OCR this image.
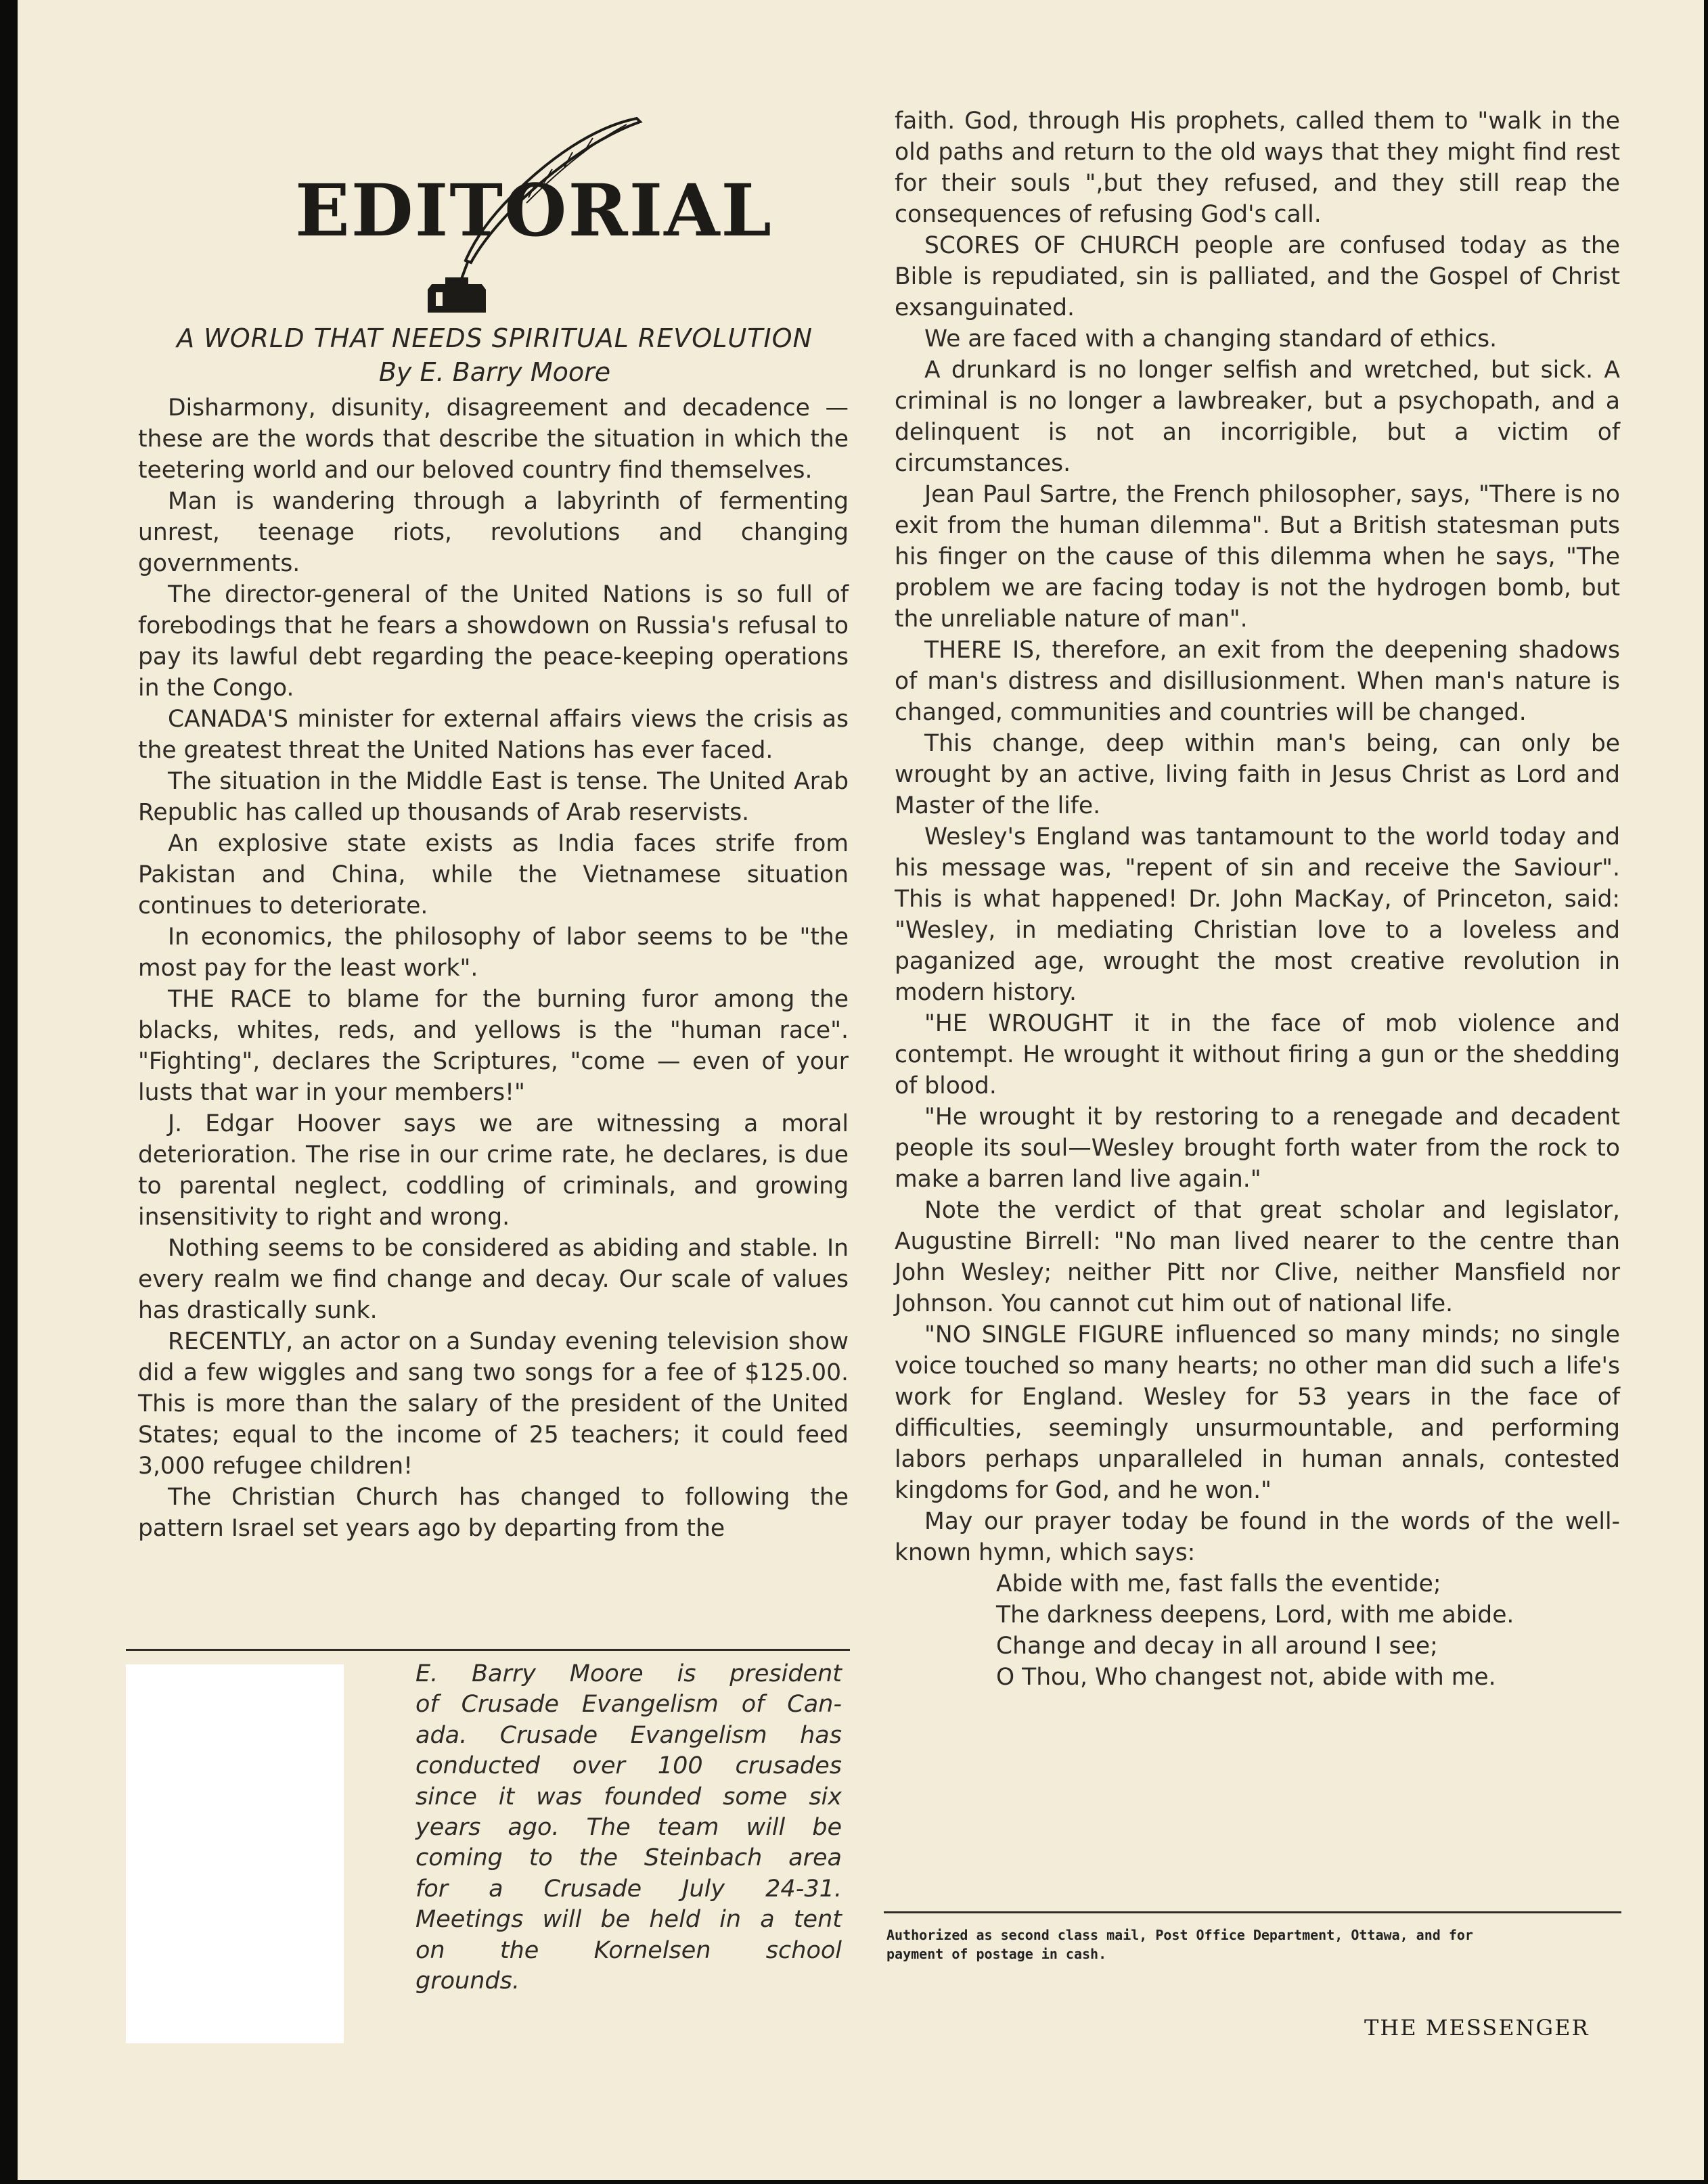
EDITORIAL
A WORLD THAT NEEDS SPIRITUAL REVOLUTION
By E. Barry Moore

Disharmony, disunity, disagreement and decadence —these are the words that describe the situation in which the teetering world and our beloved country find themselves.

Man is wandering through a labyrinth of fermenting unrest, teenage riots, revolutions and changing governments.

The director-general of the United Nations is so full of forebodings that he fears a showdown on Russia's refusal to pay its lawful debt regarding the peace-keeping operations in the Congo.

CANADA'S minister for external affairs views the crisis as the greatest threat the United Nations has ever faced.

The situation in the Middle East is tense. The United Arab Republic has called up thousands of Arab reservists.

An explosive state exists as India faces strife from Pakistan and China, while the Vietnamese situation continues to deteriorate.

In economics, the philosophy of labor seems to be "the most pay for the least work".

THE RACE to blame for the burning furor among the blacks, whites, reds, and yellows is the "human race". "Fighting", declares the Scriptures, "come — even of your lusts that war in your members!"

J. Edgar Hoover says we are witnessing a moral deterioration. The rise in our crime rate, he declares, is due to parental neglect, coddling of criminals, and growing insensitivity to right and wrong.

Nothing seems to be considered as abiding and stable. In every realm we find change and decay. Our scale of values has drastically sunk.

RECENTLY, an actor on a Sunday evening television show did a few wiggles and sang two songs for a fee of $125.00. This is more than the salary of the president of the United States; equal to the income of 25 teachers; it could feed 3,000 refugee children!

The Christian Church has changed to following the pattern Israel set years ago by departing from the

E. Barry Moore is president
of Crusade Evangelism of Can-
ada. Crusade Evangelism has
conducted over 100 crusades
since it was founded some six
years ago. The team will be
coming to the Steinbach area
for a Crusade July 24-31.
Meetings will be held in a tent
on the Kornelsen school
grounds.

faith. God, through His prophets, called them to "walk in the old paths and return to the old ways that they might find rest for their souls ",but they refused, and they still reap the consequences of refusing God's call.

SCORES OF CHURCH people are confused today as the Bible is repudiated, sin is palliated, and the Gospel of Christ exsanguinated.

We are faced with a changing standard of ethics.

A drunkard is no longer selfish and wretched, but sick. A criminal is no longer a lawbreaker, but a psychopath, and a delinquent is not an incorrigible, but a victim of circumstances.

Jean Paul Sartre, the French philosopher, says, "There is no exit from the human dilemma". But a British statesman puts his finger on the cause of this dilemma when he says, "The problem we are facing today is not the hydrogen bomb, but the unreliable nature of man".

THERE IS, therefore, an exit from the deepening shadows of man's distress and disillusionment. When man's nature is changed, communities and countries will be changed.

This change, deep within man's being, can only be wrought by an active, living faith in Jesus Christ as Lord and Master of the life.

Wesley's England was tantamount to the world today and his message was, "repent of sin and receive the Saviour". This is what happened! Dr. John MacKay, of Princeton, said: "Wesley, in mediating Christian love to a loveless and paganized age, wrought the most creative revolution in modern history.

"HE WROUGHT it in the face of mob violence and contempt. He wrought it without firing a gun or the shedding of blood.

"He wrought it by restoring to a renegade and decadent people its soul—Wesley brought forth water from the rock to make a barren land live again."

Note the verdict of that great scholar and legislator, Augustine Birrell: "No man lived nearer to the centre than John Wesley; neither Pitt nor Clive, neither Mansfield nor Johnson. You cannot cut him out of national life.

"NO SINGLE FIGURE influenced so many minds; no single voice touched so many hearts; no other man did such a life's work for England. Wesley for 53 years in the face of difficulties, seemingly unsurmountable, and performing labors perhaps unparalleled in human annals, contested kingdoms for God, and he won."

May our prayer today be found in the words of the well-known hymn, which says:

Abide with me, fast falls the eventide;

The darkness deepens, Lord, with me abide.

Change and decay in all around I see;

O Thou, Who changest not, abide with me.

Authorized as second class mail, Post Office Department, Ottawa, and for
payment of postage in cash.
THE MESSENGER
